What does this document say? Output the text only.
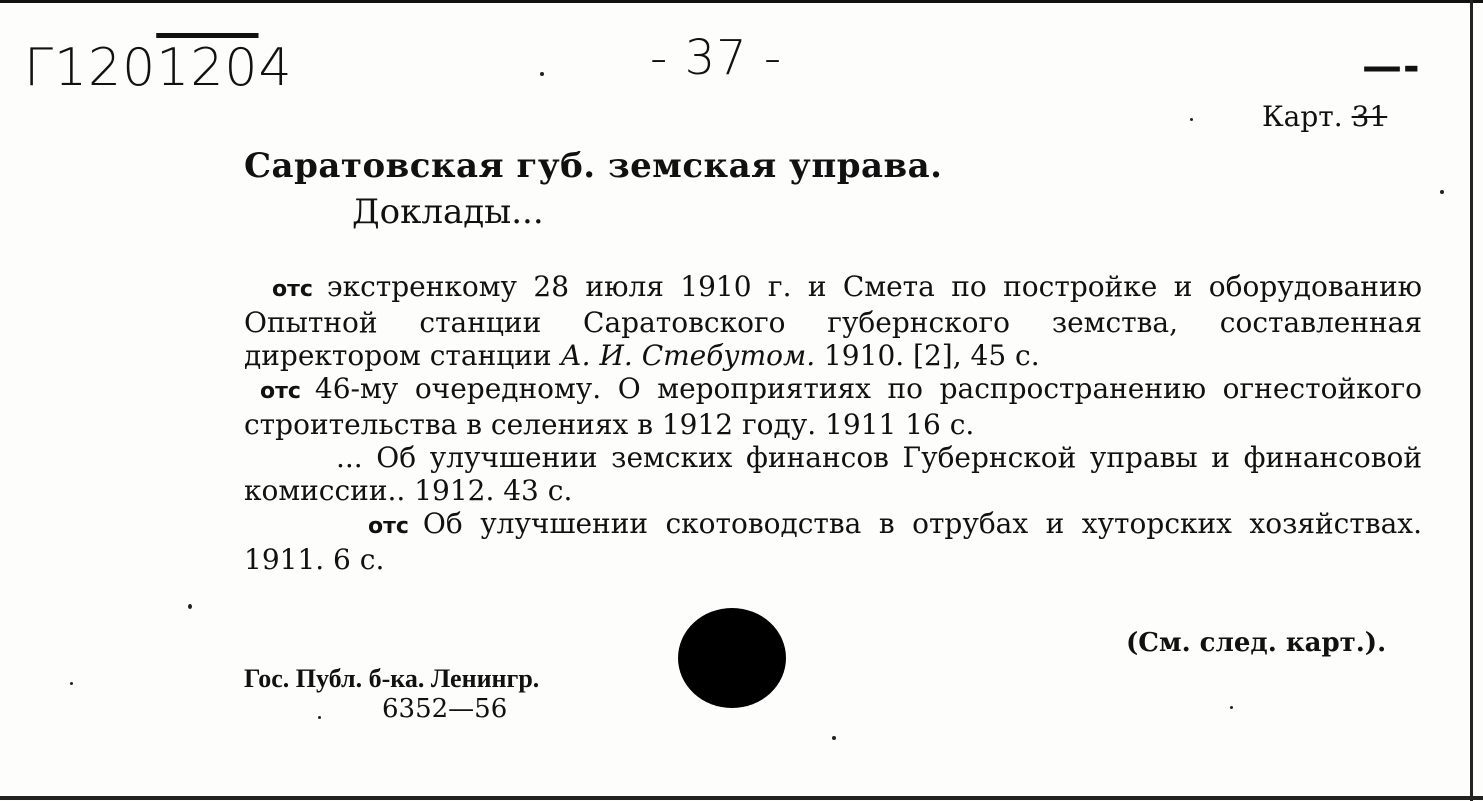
Г1201204	- 37 -	—-
Карт. 31
Саратовская губ. земская управа.
Доклады...
отс экстренкому 28 июля 1910 г. и Смета по постройке и оборудованию Опытной станции Саратовского губернского земства, составленная директором станции А. И. Стебутом. 1910. [2], 45 с.
отс 46-му очередному. О мероприятиях по распространению огнестойкого строительства в селениях в 1912 году. 1911 16 с.
... Об улучшении земских финансов Губернской управы и финансовой комиссии.. 1912. 43 с.
отс Об улучшении скотоводства в отрубах и хуторских хозяйствах. 1911. 6 с.
(См. след. карт.).
Гос. Публ. б-ка. Ленингр.
6352—56
